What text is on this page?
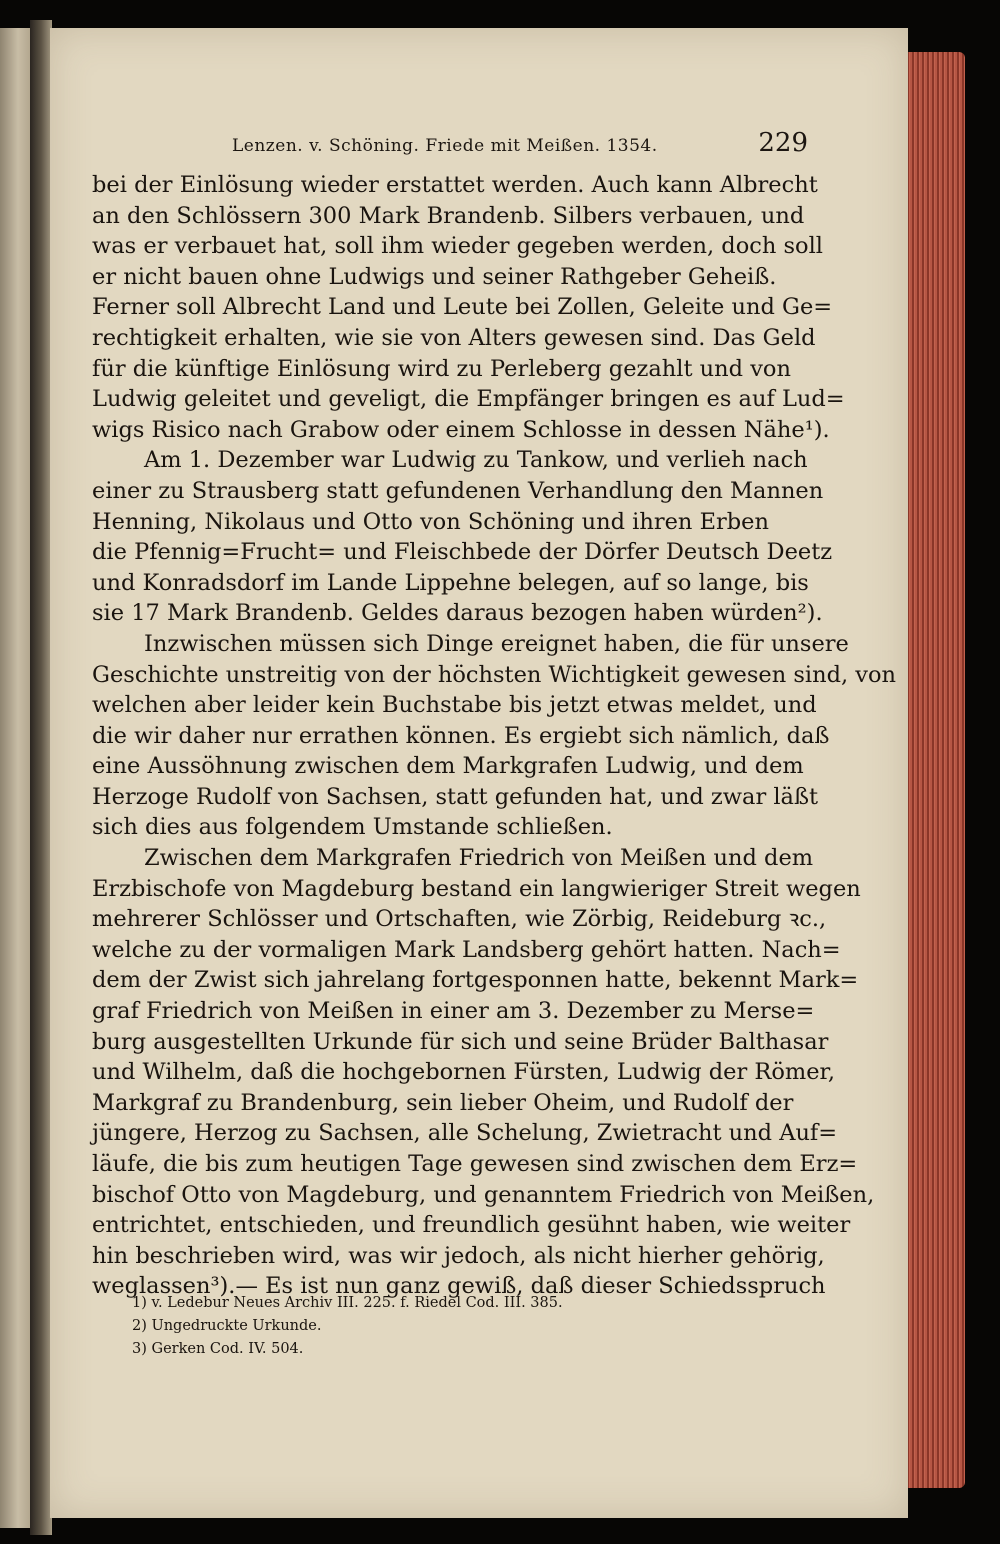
Lenzen. v. Schöning. Friede mit Meißen. 1354.	229
bei der Einlösung wieder erstattet werden. Auch kann Albrecht
an den Schlössern 300 Mark Brandenb. Silbers verbauen, und
was er verbauet hat, soll ihm wieder gegeben werden, doch soll
er nicht bauen ohne Ludwigs und seiner Rathgeber Geheiß.
Ferner soll Albrecht Land und Leute bei Zollen, Geleite und Ge=
rechtigkeit erhalten, wie sie von Alters gewesen sind. Das Geld
für die künftige Einlösung wird zu Perleberg gezahlt und von
Ludwig geleitet und geveligt, die Empfänger bringen es auf Lud=
wigs Risico nach Grabow oder einem Schlosse in dessen Nähe¹).
Am 1. Dezember war Ludwig zu Tankow, und verlieh nach
einer zu Strausberg statt gefundenen Verhandlung den Mannen
Henning, Nikolaus und Otto von Schöning und ihren Erben
die Pfennig=Frucht= und Fleischbede der Dörfer Deutsch Deetz
und Konradsdorf im Lande Lippehne belegen, auf so lange, bis
sie 17 Mark Brandenb. Geldes daraus bezogen haben würden²).
Inzwischen müssen sich Dinge ereignet haben, die für unsere
Geschichte unstreitig von der höchsten Wichtigkeit gewesen sind, von
welchen aber leider kein Buchstabe bis jetzt etwas meldet, und
die wir daher nur errathen können. Es ergiebt sich nämlich, daß
eine Aussöhnung zwischen dem Markgrafen Ludwig, und dem
Herzoge Rudolf von Sachsen, statt gefunden hat, und zwar läßt
sich dies aus folgendem Umstande schließen.
Zwischen dem Markgrafen Friedrich von Meißen und dem
Erzbischofe von Magdeburg bestand ein langwieriger Streit wegen
mehrerer Schlösser und Ortschaften, wie Zörbig, Reideburg ꝛc.,
welche zu der vormaligen Mark Landsberg gehört hatten. Nach=
dem der Zwist sich jahrelang fortgesponnen hatte, bekennt Mark=
graf Friedrich von Meißen in einer am 3. Dezember zu Merse=
burg ausgestellten Urkunde für sich und seine Brüder Balthasar
und Wilhelm, daß die hochgebornen Fürsten, Ludwig der Römer,
Markgraf zu Brandenburg, sein lieber Oheim, und Rudolf der
jüngere, Herzog zu Sachsen, alle Schelung, Zwietracht und Auf=
läufe, die bis zum heutigen Tage gewesen sind zwischen dem Erz=
bischof Otto von Magdeburg, und genanntem Friedrich von Meißen,
entrichtet, entschieden, und freundlich gesühnt haben, wie weiter
hin beschrieben wird, was wir jedoch, als nicht hierher gehörig,
weglassen³).— Es ist nun ganz gewiß, daß dieser Schiedsspruch
1) v. Ledebur Neues Archiv III. 225. f. Riedel Cod. III. 385.
2) Ungedruckte Urkunde.
3) Gerken Cod. IV. 504.
